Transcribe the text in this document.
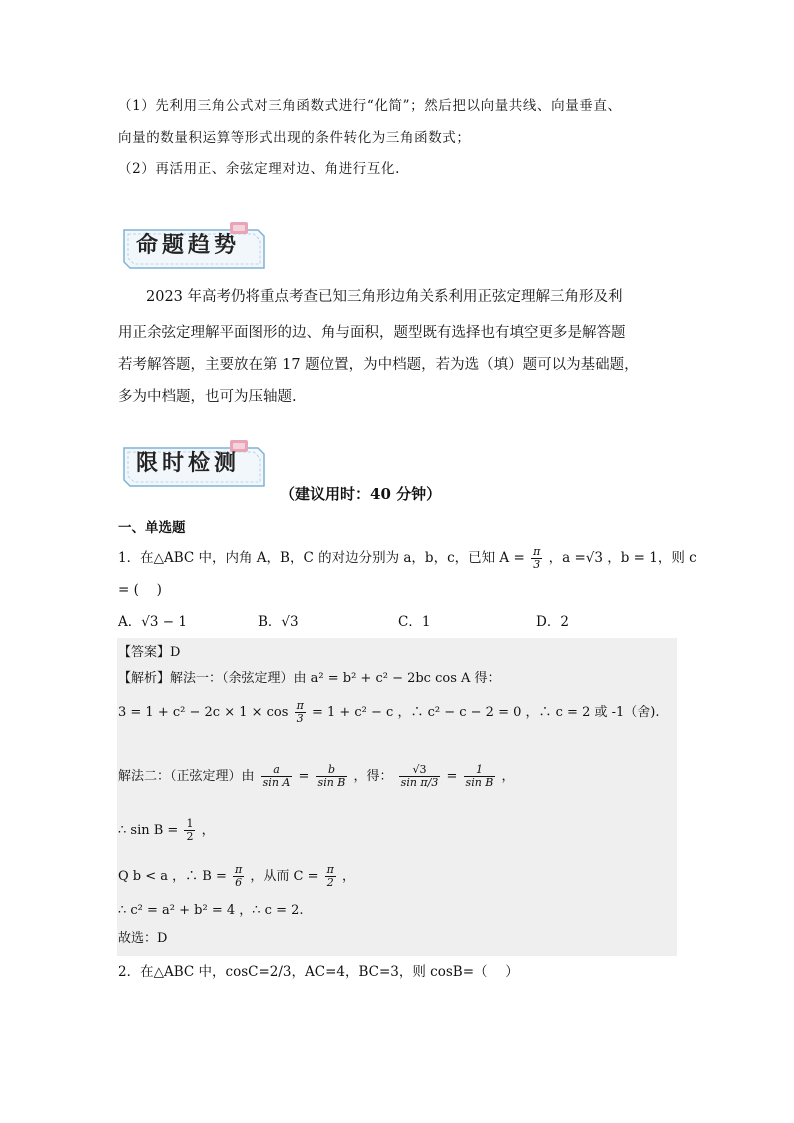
（1）先利用三角公式对三角函数式进行“化简”；然后把以向量共线、向量垂直、
向量的数量积运算等形式出现的条件转化为三角函数式；
（2）再活用正、余弦定理对边、角进行互化.
命题趋势
2023 年高考仍将重点考查已知三角形边角关系利用正弦定理解三角形及利
用正余弦定理解平面图形的边、角与面积，题型既有选择也有填空更多是解答题
若考解答题，主要放在第 17 题位置，为中档题，若为选（填）题可以为基础题，
多为中档题，也可为压轴题.
限时检测
（建议用时：40 分钟）
一、单选题
1．在△ABC 中，内角 A，B，C 的对边分别为 a，b，c，已知 $A = \frac{\pi}{3}$ ，a =√3 ，b = 1，则 c
= (　 )
A．√3 − 1	B．√3	C．1	D．2
【答案】D
【解析】解法一：（余弦定理）由 a² = b² + c² − 2bc cos A 得：
$3 = 1 + c^2 - 2c \times 1 \times \cos \frac{\pi}{3} = 1 + c^2 - c$ ，∴ c² − c − 2 = 0 ，∴ c = 2 或 -1（舍).
解法二：（正弦定理）由 $\frac{a}{\text{sin A}} = \frac{b}{\text{sin B}}$ ，得： $\frac{√3}{\text{sin π/3}} = \frac{1}{\text{sin B}}$ ，
∴ $\sin B = \frac{1}{2}$ ，
Q b < a ，∴ $B = \frac{\pi}{6}$ ，从而 $C = \frac{\pi}{2}$ ，
∴ c² = a² + b² = 4 ，∴ c = 2.
故选：D
2．在△ABC 中，cosC=2/3，AC=4，BC=3，则 cosB=（　 ）
